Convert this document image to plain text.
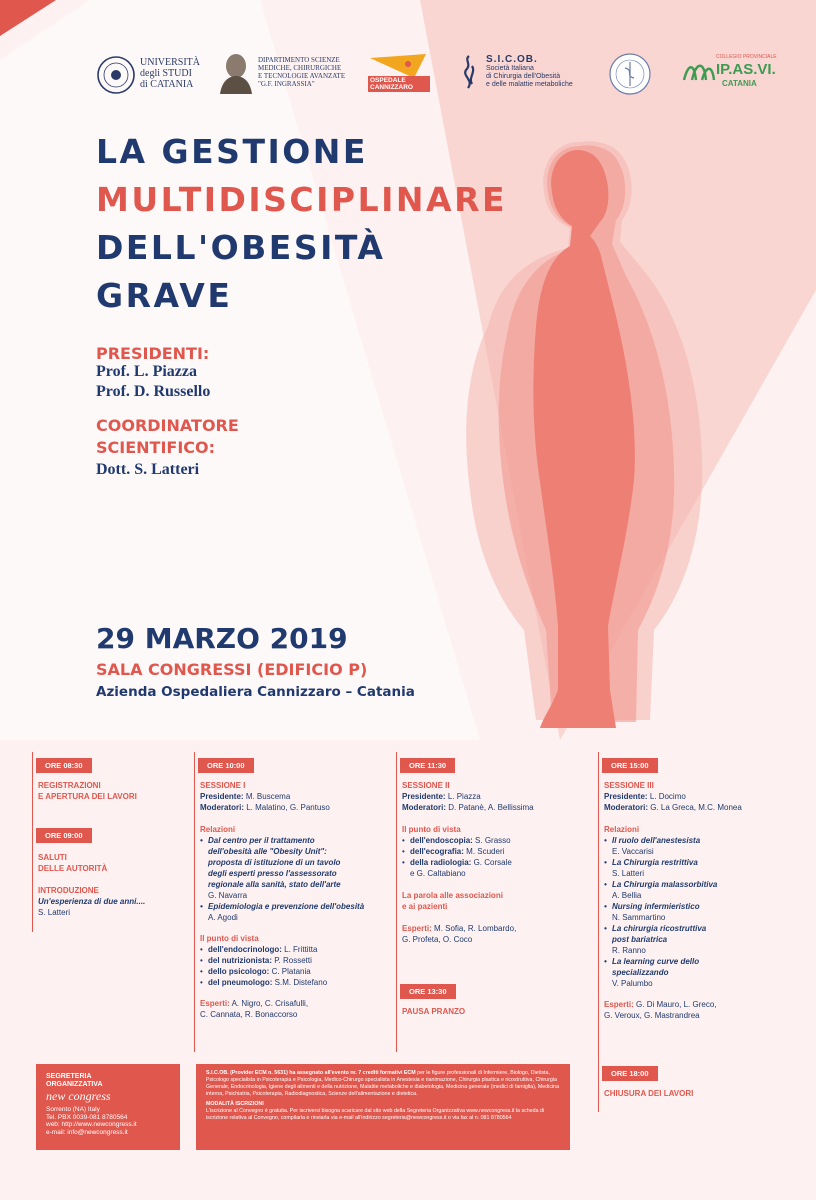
UNIVERSITÀ
degli STUDI
di CATANIA
DIPARTIMENTO SCIENZE
MEDICHE, CHIRURGICHE
E TECNOLOGIE AVANZATE
"G.F. INGRASSIA"	OSPEDALE
CANNIZZARO
S.I.C.OB.
Società Italiana
di Chirurgia dell'Obesità
e delle malattie metaboliche
COLLEGIO PROVINCIALE
IP.AS.VI.
CATANIA
LA GESTIONE
MULTIDISCIPLINARE
DELL'OBESITÀ
GRAVE
PRESIDENTI:
Prof. L. Piazza
Prof. D. Russello
COORDINATORE
SCIENTIFICO:
Dott. S. Latteri
29 MARZO 2019
SALA CONGRESSI (EDIFICIO P)
Azienda Ospedaliera Cannizzaro – Catania
ORE 08:30
REGISTRAZIONI
E APERTURA DEI LAVORI
ORE 09:00
SALUTI
DELLE AUTORITÀ
INTRODUZIONE
Un'esperienza di due anni....
S. Latteri
ORE 10:00
SESSIONE I
Presidente: M. Buscema
Moderatori: L. Malatino, G. Pantuso
Relazioni
• Dal centro per il trattamento
dell'obesità alle "Obesity Unit":
proposta di istituzione di un tavolo
degli esperti presso l'assessorato
regionale alla sanità, stato dell'arte
G. Navarra
• Epidemiologia e prevenzione dell'obesità
A. Agodi
Il punto di vista
• dell'endocrinologo: L. Frittitta
• del nutrizionista: P. Rossetti
• dello psicologo: C. Platania
• del pneumologo: S.M. Distefano
Esperti: A. Nigro, C. Crisafulli,
C. Cannata, R. Bonaccorso
ORE 11:30
SESSIONE II
Presidente: L. Piazza
Moderatori: D. Patanè, A. Bellissima
Il punto di vista
• dell'endoscopia: S. Grasso
• dell'ecografia: M. Scuderi
• della radiologia: G. Corsale
e G. Caltabiano
La parola alle associazioni
e ai pazienti
Esperti: M. Sofia, R. Lombardo,
G. Profeta, O. Coco
ORE 13:30
PAUSA PRANZO
ORE 15:00
SESSIONE III
Presidente: L. Docimo
Moderatori: G. La Greca, M.C. Monea
Relazioni
• Il ruolo dell'anestesista
E. Vaccarisi
• La Chirurgia restrittiva
S. Latteri
• La Chirurgia malassorbitiva
A. Bellia
• Nursing infermieristico
N. Sammartino
• La chirurgia ricostruttiva
post bariatrica
R. Ranno
• La learning curve dello
specializzando
V. Palumbo
Esperti: G. Di Mauro, L. Greco,
G. Veroux, G. Mastrandrea
ORE 18:00
CHIUSURA DEI LAVORI
SEGRETERIA
ORGANIZZATIVA
new congress
Sorrento (NA) Italy
Tel. PBX 0039-081 8780564
web: http://www.newcongress.it
e-mail: info@newcongress.it
S.I.C.OB. (Provider ECM n. 5631) ha assegnato all'evento nr. 7 crediti formativi ECM per le figure professionali di Infermiere, Biologo, Dietista, Psicologo specialista in Psicoterapia e Psicologia, Medico-Chirurgo specialista in Anestesia e rianimazione, Chirurgia plastica e ricostruttiva, Chirurgia Generale, Endocrinologia, Igiene degli alimenti e della nutrizione, Malattie metaboliche e diabetologia, Medicina generale (medici di famiglia), Medicina interna, Psichiatria, Psicoterapia, Radiodiagnostica, Scienze dell'alimentazione e dietetica.
MODALITÀ ISCRIZIONI
L'iscrizione al Convegno è gratuita. Per iscriversi bisogna scaricare dal sito web della Segreteria Organizzativa www.newcongress.it la scheda di iscrizione relativa al Convegno, compilarla e rinviarla via e-mail all'indirizzo segreteria@newcongress.it o via fax al n. 081 8780564
